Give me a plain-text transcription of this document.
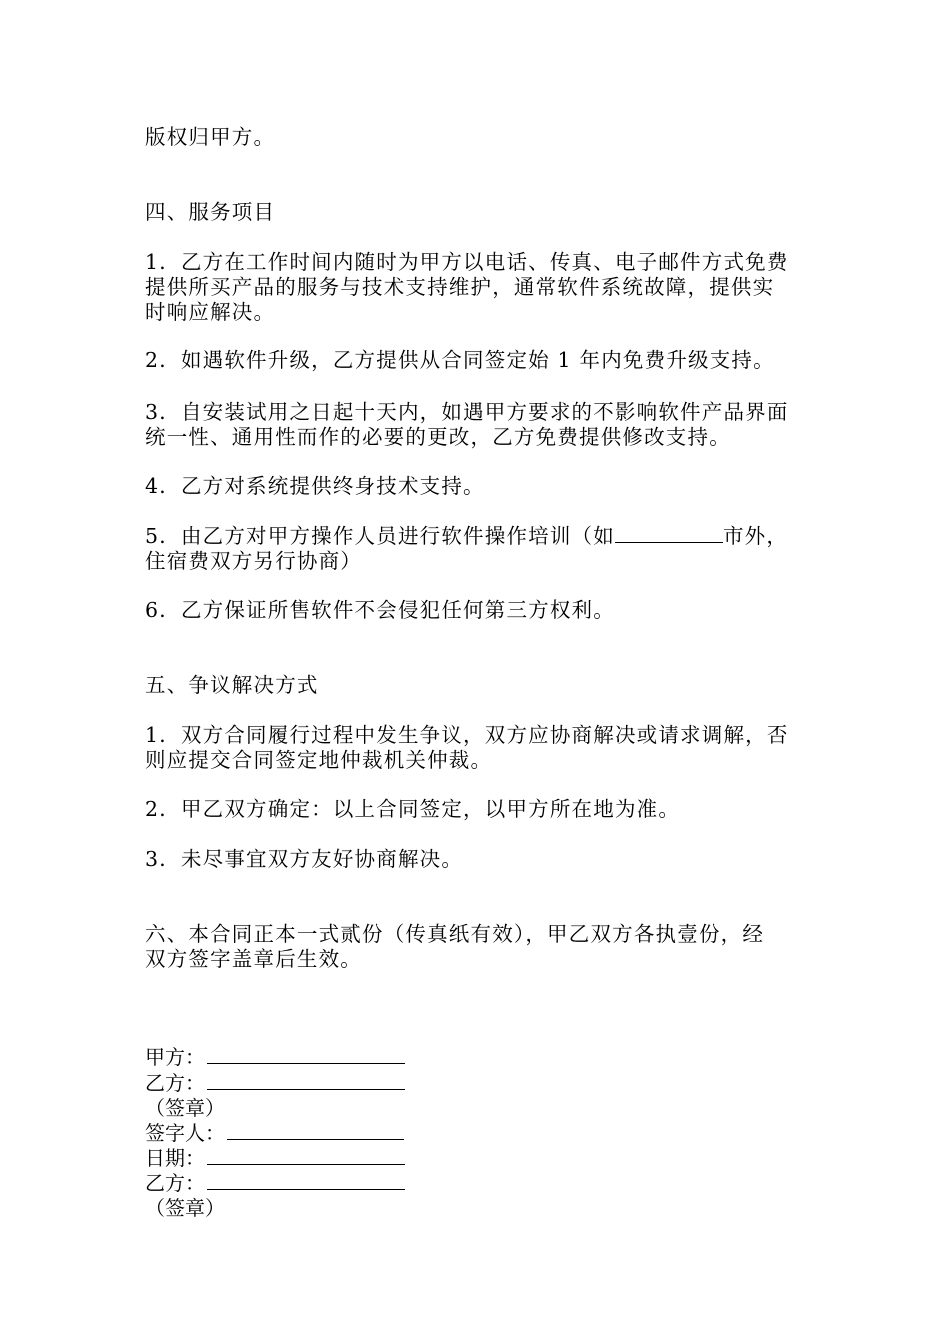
版权归甲方。
四、服务项目
1．乙方在工作时间内随时为甲方以电话、传真、电子邮件方式免费
提供所买产品的服务与技术支持维护，通常软件系统故障，提供实
时响应解决。
2．如遇软件升级，乙方提供从合同签定始 1 年内免费升级支持。
3．自安装试用之日起十天内，如遇甲方要求的不影响软件产品界面
统一性、通用性而作的必要的更改，乙方免费提供修改支持。
4．乙方对系统提供终身技术支持。
5．由乙方对甲方操作人员进行软件操作培训（如	市外，
住宿费双方另行协商）
6．乙方保证所售软件不会侵犯任何第三方权利。
五、争议解决方式
1．双方合同履行过程中发生争议，双方应协商解决或请求调解，否
则应提交合同签定地仲裁机关仲裁。
2．甲乙双方确定：以上合同签定，以甲方所在地为准。
3．未尽事宜双方友好协商解决。
六、本合同正本一式贰份（传真纸有效），甲乙双方各执壹份，经
双方签字盖章后生效。
甲方：
乙方：
（签章）
签字人：
日期：
乙方：
（签章）
